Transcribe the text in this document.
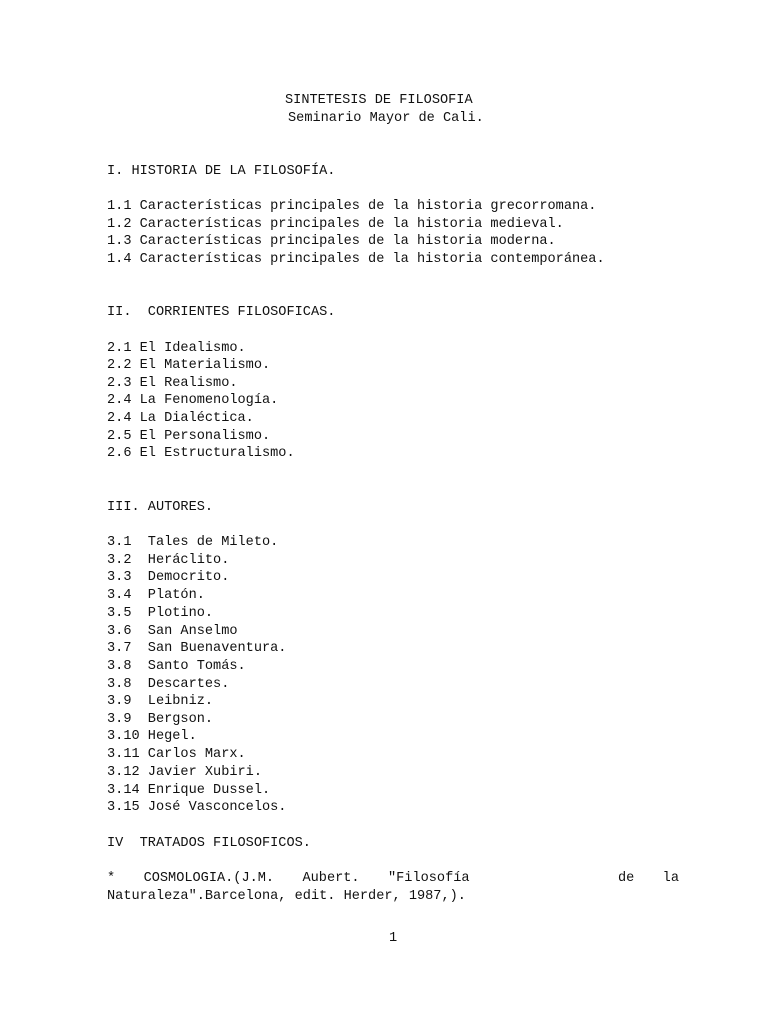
SINTETESIS DE FILOSOFIA
Seminario Mayor de Cali.
I. HISTORIA DE LA FILOSOFÍA.
1.1 Características principales de la historia grecorromana.
1.2 Características principales de la historia medieval.
1.3 Características principales de la historia moderna.
1.4 Características principales de la historia contemporánea.
II.  CORRIENTES FILOSOFICAS.
2.1 El Idealismo.
2.2 El Materialismo.
2.3 El Realismo.
2.4 La Fenomenología.
2.4 La Dialéctica.
2.5 El Personalismo.
2.6 El Estructuralismo.
III. AUTORES.
3.1  Tales de Mileto.
3.2  Heráclito.
3.3  Democrito.
3.4  Platón.
3.5  Plotino.
3.6  San Anselmo
3.7  San Buenaventura.
3.8  Santo Tomás.
3.8  Descartes.
3.9  Leibniz.
3.9  Bergson.
3.10 Hegel.
3.11 Carlos Marx.
3.12 Javier Xubiri.
3.14 Enrique Dussel.
3.15 José Vasconcelos.
IV  TRATADOS FILOSOFICOS.
* COSMOLOGIA.(J.M. Aubert. "Filosofía	de la
Naturaleza".Barcelona, edit. Herder, 1987,).
1
